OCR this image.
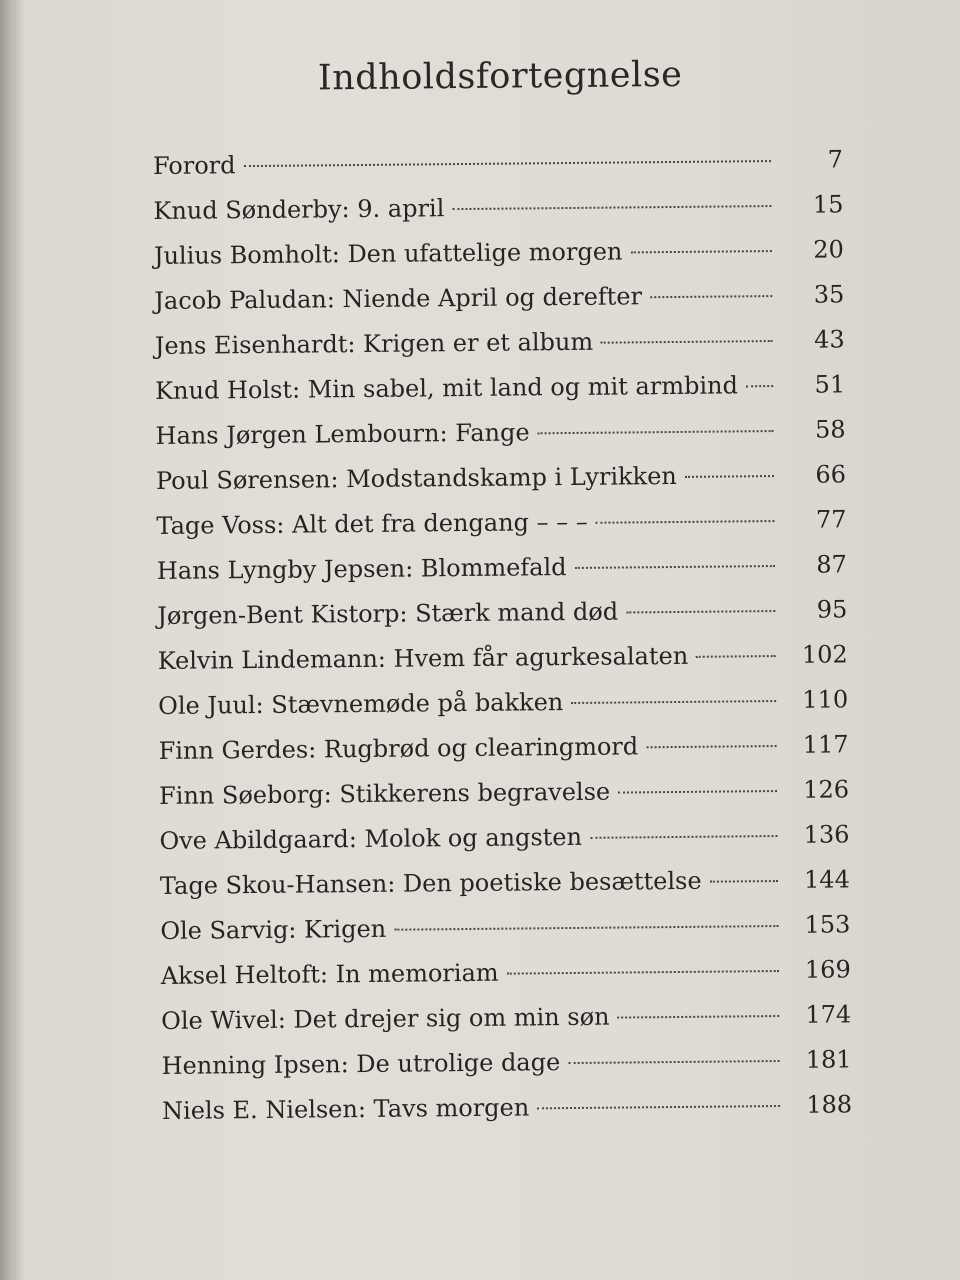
Indholdsfortegnelse
Forord	7
Knud Sønderby: 9. april	15
Julius Bomholt: Den ufattelige morgen	20
Jacob Paludan: Niende April og derefter	35
Jens Eisenhardt: Krigen er et album	43
Knud Holst: Min sabel, mit land og mit armbind	51
Hans Jørgen Lembourn: Fange	58
Poul Sørensen: Modstandskamp i Lyrikken	66
Tage Voss: Alt det fra dengang – – –	77
Hans Lyngby Jepsen: Blommefald	87
Jørgen-Bent Kistorp: Stærk mand død	95
Kelvin Lindemann: Hvem får agurkesalaten	102
Ole Juul: Stævnemøde på bakken	110
Finn Gerdes: Rugbrød og clearingmord	117
Finn Søeborg: Stikkerens begravelse	126
Ove Abildgaard: Molok og angsten	136
Tage Skou-Hansen: Den poetiske besættelse	144
Ole Sarvig: Krigen	153
Aksel Heltoft: In memoriam	169
Ole Wivel: Det drejer sig om min søn	174
Henning Ipsen: De utrolige dage	181
Niels E. Nielsen: Tavs morgen	188
